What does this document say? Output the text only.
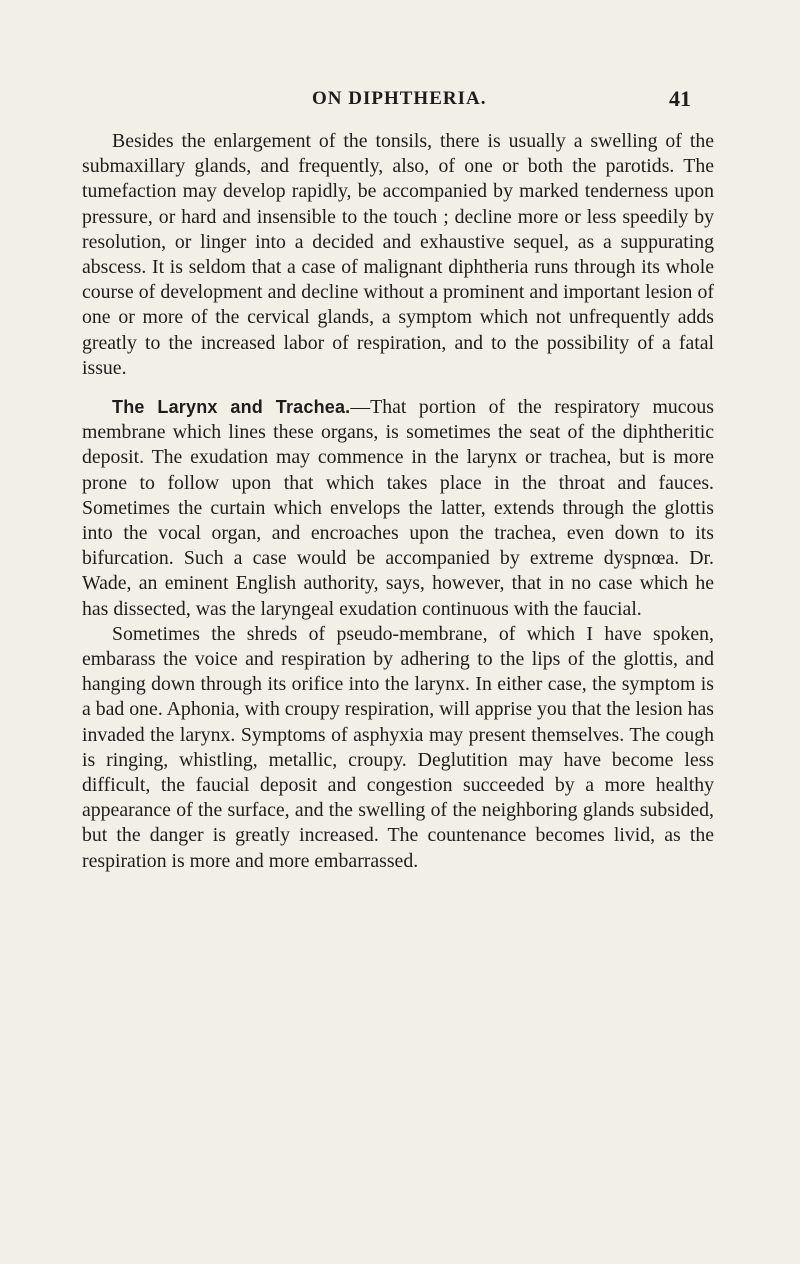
ON DIPHTHERIA.	41

Besides the enlargement of the tonsils, there is usually a swelling of the submaxillary glands, and frequently, also, of one or both the parotids. The tumefaction may develop rapidly, be accompanied by marked tenderness upon pressure, or hard and insensible to the touch ; decline more or less speedily by resolution, or linger into a decided and exhaustive sequel, as a suppurating abscess. It is seldom that a case of malignant diphtheria runs through its whole course of development and decline without a prominent and important lesion of one or more of the cervical glands, a symptom which not unfrequently adds greatly to the increased labor of respiration, and to the possibility of a fatal issue.

The Larynx and Trachea.—That portion of the respiratory mucous membrane which lines these organs, is sometimes the seat of the diphtheritic deposit. The exudation may commence in the larynx or trachea, but is more prone to follow upon that which takes place in the throat and fauces. Sometimes the curtain which envelops the latter, extends through the glottis into the vocal organ, and encroaches upon the trachea, even down to its bifurcation. Such a case would be accompanied by extreme dyspnœa. Dr. Wade, an eminent English authority, says, however, that in no case which he has dissected, was the laryngeal exudation continuous with the faucial.

Sometimes the shreds of pseudo-membrane, of which I have spoken, embarass the voice and respiration by adhering to the lips of the glottis, and hanging down through its orifice into the larynx. In either case, the symptom is a bad one. Aphonia, with croupy respiration, will apprise you that the lesion has invaded the larynx. Symptoms of asphyxia may present themselves. The cough is ringing, whistling, metallic, croupy. Deglutition may have become less difficult, the faucial deposit and congestion succeeded by a more healthy appearance of the surface, and the swelling of the neighboring glands subsided, but the danger is greatly increased. The countenance becomes livid, as the respiration is more and more embarrassed.
